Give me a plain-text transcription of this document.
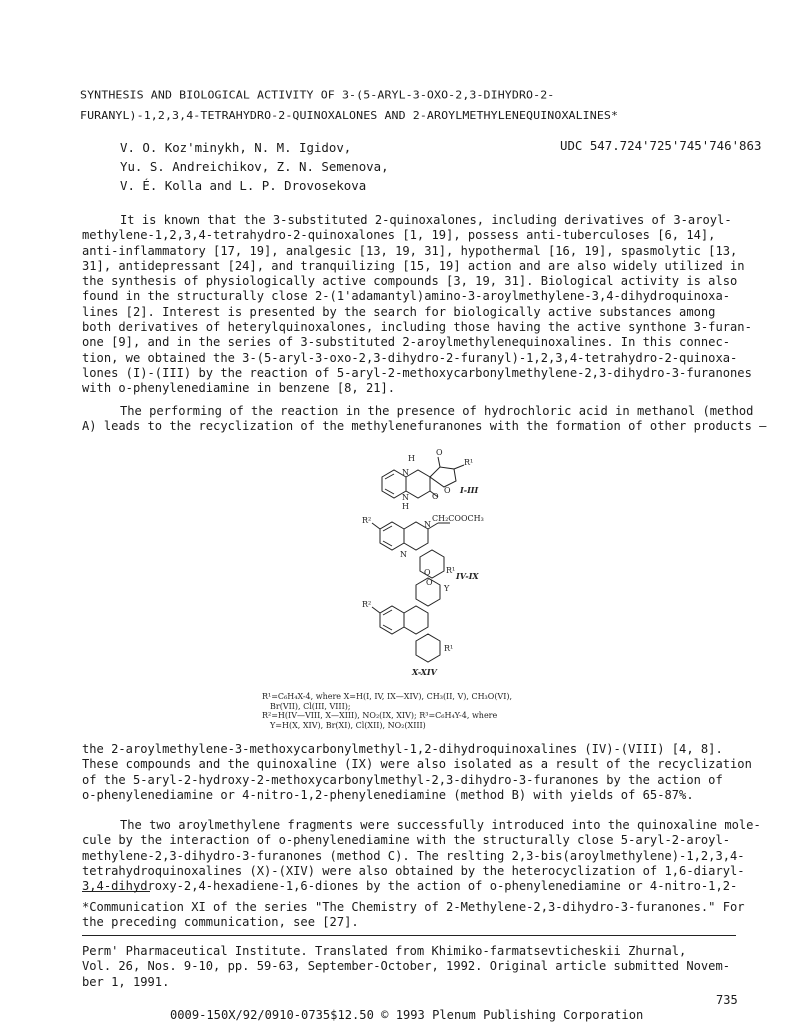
SYNTHESIS AND BIOLOGICAL ACTIVITY OF 3-(5-ARYL-3-OXO-2,3-DIHYDRO-2-
FURANYL)-1,2,3,4-TETRAHYDRO-2-QUINOXALONES AND 2-AROYLMETHYLENEQUINOXALINES*
V. O. Koz'minykh, N. M. Igidov,
Yu. S. Andreichikov, Z. N. Semenova,
V. É. Kolla and L. P. Drovosekova
UDC 547.724'725'745'746'863
It is known that the 3-substituted 2-quinoxalones, including derivatives of 3-aroyl-
methylene-1,2,3,4-tetrahydro-2-quinoxalones [1, 19], possess anti-tuberculoses [6, 14],
anti-inflammatory [17, 19], analgesic [13, 19, 31], hypothermal [16, 19], spasmolytic [13,
31], antidepressant [24], and tranquilizing [15, 19] action and are also widely utilized in
the synthesis of physiologically active compounds [3, 19, 31]. Biological activity is also
found in the structurally close 2-(1'adamantyl)amino-3-aroylmethylene-3,4-dihydroquinoxa-
lines [2]. Interest is presented by the search for biologically active substances among
both derivatives of heterylquinoxalones, including those having the active synthone 3-furan-
one [9], and in the series of 3-substituted 2-aroylmethylenequinoxalines. In this connec-
tion, we obtained the 3-(5-aryl-3-oxo-2,3-dihydro-2-furanyl)-1,2,3,4-tetrahydro-2-quinoxa-
lones (I)-(III) by the reaction of 5-aryl-2-methoxycarbonylmethylene-2,3-dihydro-3-furanones
with o-phenylenediamine in benzene [8, 21].
The performing of the reaction in the presence of hydrochloric acid in methanol (method
A) leads to the recyclization of the methylenefuranones with the formation of other products —
H
N
N	O
O
O
R¹
H
R²	N
CH₂COOCH₃
N
O
R¹
R²
O
Y
R¹
I-III
IV-IX
X-XIV
R¹=C₆H₄X-4, where X=H(I, IV, IX—XIV), CH₃(II, V), CH₃O(VI),
Br(VII), Cl(III, VIII);
R²=H(IV—VIII, X—XIII), NO₂(IX, XIV); R³=C₆H₄Y-4, where
Y=H(X, XIV), Br(XI), Cl(XII), NO₂(XIII)
the 2-aroylmethylene-3-methoxycarbonylmethyl-1,2-dihydroquinoxalines (IV)-(VIII) [4, 8].
These compounds and the quinoxaline (IX) were also isolated as a result of the recyclization
of the 5-aryl-2-hydroxy-2-methoxycarbonylmethyl-2,3-dihydro-3-furanones by the action of
o-phenylenediamine or 4-nitro-1,2-phenylenediamine (method B) with yields of 65-87%.
The two aroylmethylene fragments were successfully introduced into the quinoxaline mole-
cule by the interaction of o-phenylenediamine with the structurally close 5-aryl-2-aroyl-
methylene-2,3-dihydro-3-furanones (method C). The reslting 2,3-bis(aroylmethylene)-1,2,3,4-
tetrahydroquinoxalines (X)-(XIV) were also obtained by the heterocyclization of 1,6-diaryl-
3,4-dihydroxy-2,4-hexadiene-1,6-diones by the action of o-phenylenediamine or 4-nitro-1,2-
*Communication XI of the series "The Chemistry of 2-Methylene-2,3-dihydro-3-furanones." For
the preceding communication, see [27].
Perm' Pharmaceutical Institute. Translated from Khimiko-farmatsevticheskii Zhurnal,
Vol. 26, Nos. 9-10, pp. 59-63, September-October, 1992. Original article submitted Novem-
ber 1, 1991.
735
0009-150X/92/0910-0735$12.50 © 1993 Plenum Publishing Corporation
